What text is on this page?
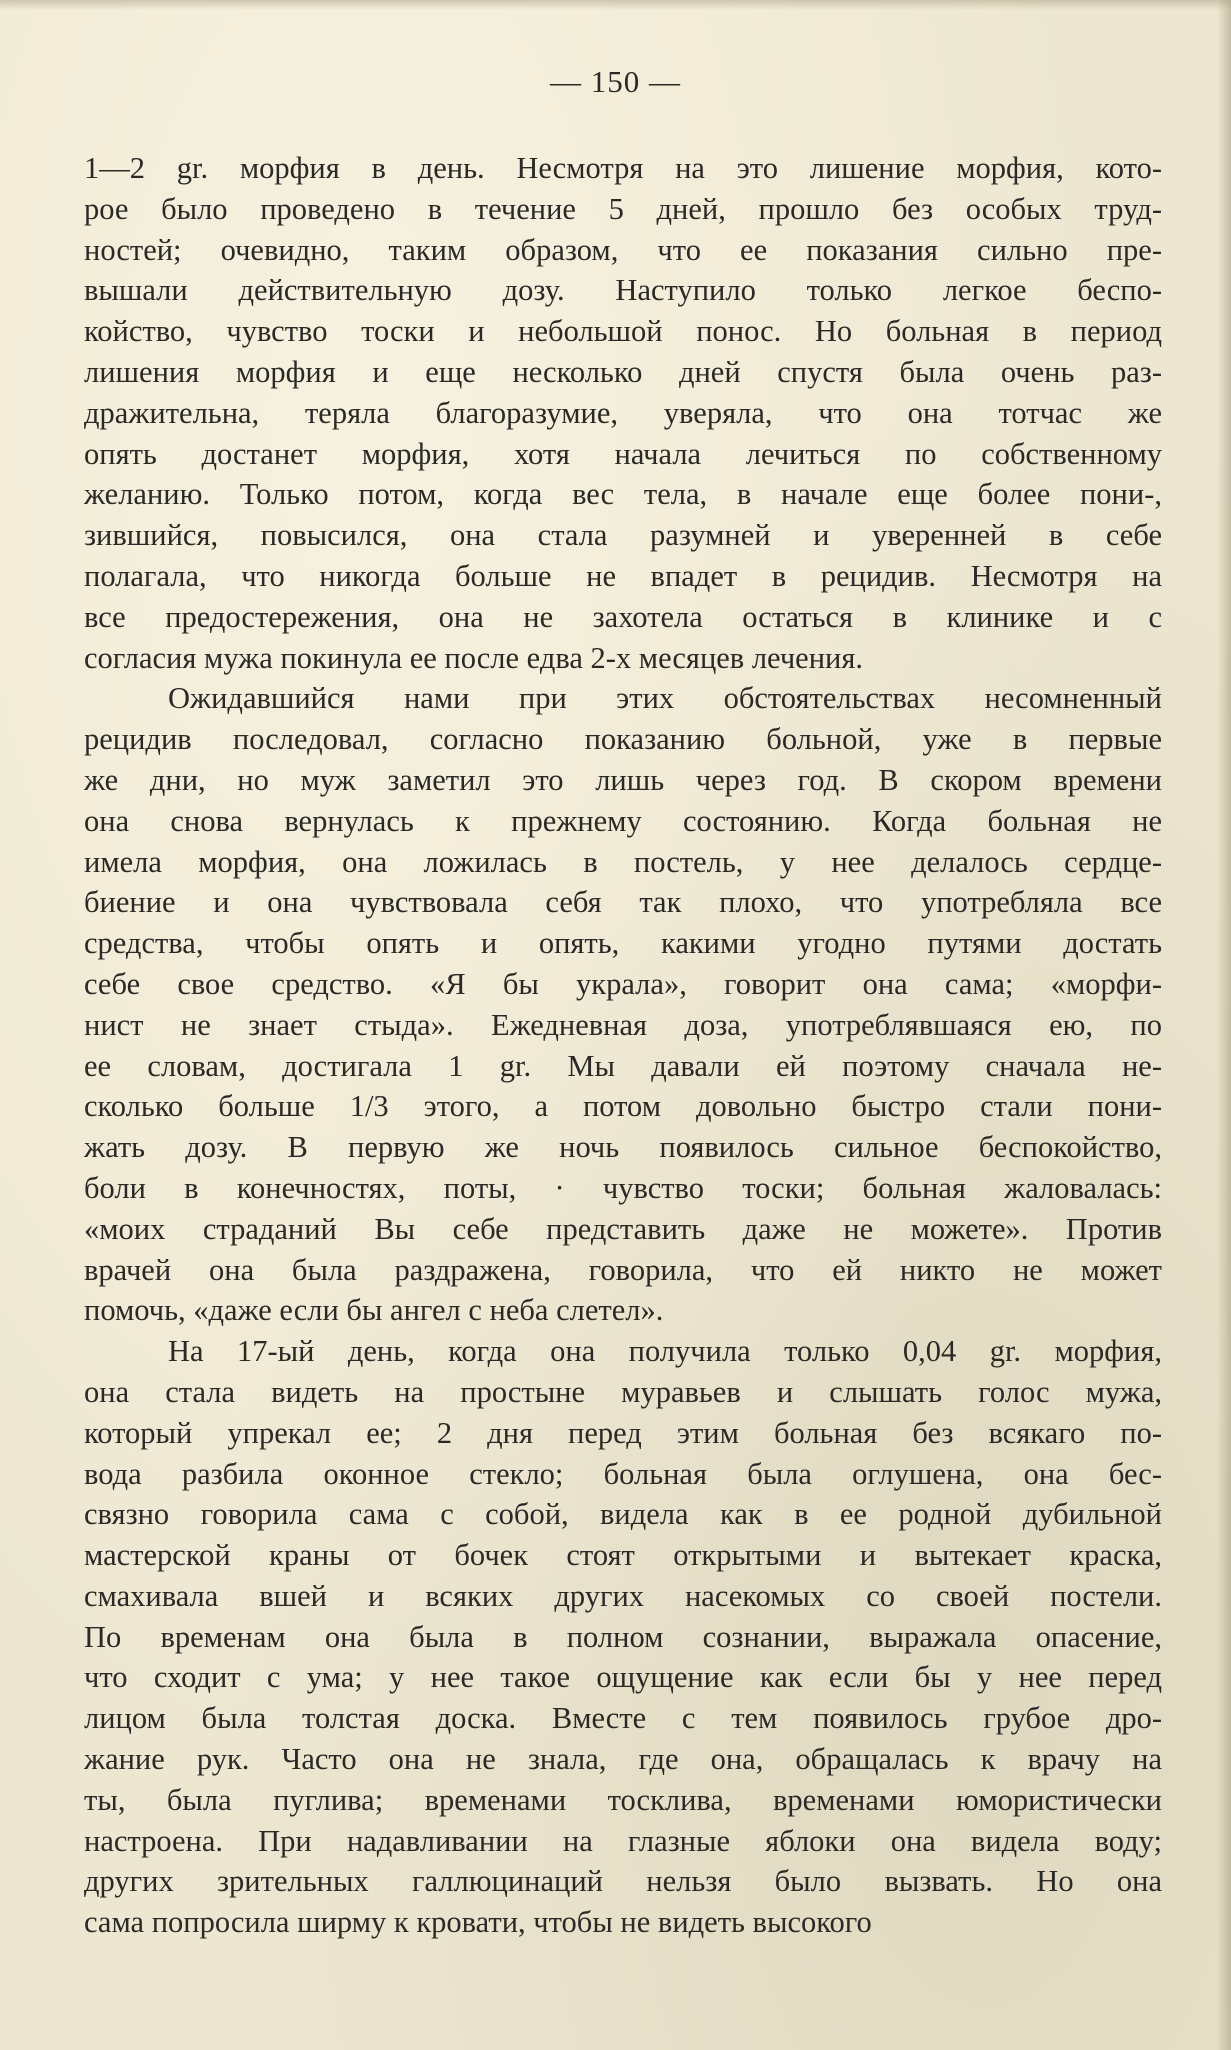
— 150 —
1—2 gr. морфия в день. Несмотря на это лишение морфия, кото-
рое было проведено в течение 5 дней, прошло без особых труд-
ностей; очевидно, таким образом, что ее показания сильно пре-
вышали действительную дозу. Наступило только легкое беспо-
койство, чувство тоски и небольшой понос. Но больная в период
лишения морфия и еще несколько дней спустя была очень раз-
дражительна, теряла благоразумие, уверяла, что она тотчас же
опять достанет морфия, хотя начала лечиться по собственному
желанию. Только потом, когда вес тела, в начале еще более пони-,
зившийся, повысился, она стала разумней и уверенней в себе
полагала, что никогда больше не впадет в рецидив. Несмотря на
все предостережения, она не захотела остаться в клинике и с
согласия мужа покинула ее после едва 2-х месяцев лечения.
Ожидавшийся нами при этих обстоятельствах несомненный
рецидив последовал, согласно показанию больной, уже в первые
же дни, но муж заметил это лишь через год. В скором времени
она снова вернулась к прежнему состоянию. Когда больная не
имела морфия, она ложилась в постель, у нее делалось сердце-
биение и она чувствовала себя так плохо, что употребляла все
средства, чтобы опять и опять, какими угодно путями достать
себе свое средство. «Я бы украла», говорит она сама; «морфи-
нист не знает стыда». Ежедневная доза, употреблявшаяся ею, по
ее словам, достигала 1 gr. Мы давали ей поэтому сначала не-
сколько больше 1/3 этого, а потом довольно быстро стали пони-
жать дозу. В первую же ночь появилось сильное беспокойство,
боли в конечностях, поты, · чувство тоски; больная жаловалась:
«моих страданий Вы себе представить даже не можете». Против
врачей она была раздражена, говорила, что ей никто не может
помочь, «даже если бы ангел с неба слетел».
На 17-ый день, когда она получила только 0,04 gr. морфия,
она стала видеть на простыне муравьев и слышать голос мужа,
который упрекал ее; 2 дня перед этим больная без всякаго по-
вода разбила оконное стекло; больная была оглушена, она бес-
связно говорила сама с собой, видела как в ее родной дубильной
мастерской краны от бочек стоят открытыми и вытекает краска,
смахивала вшей и всяких других насекомых со своей постели.
По временам она была в полном сознании, выражала опасение,
что сходит с ума; у нее такое ощущение как если бы у нее перед
лицом была толстая доска. Вместе с тем появилось грубое дро-
жание рук. Часто она не знала, где она, обращалась к врачу на
ты, была пуглива; временами тосклива, временами юмористически
настроена. При надавливании на глазные яблоки она видела воду;
других зрительных галлюцинаций нельзя было вызвать. Но она
сама попросила ширму к кровати, чтобы не видеть высокого
